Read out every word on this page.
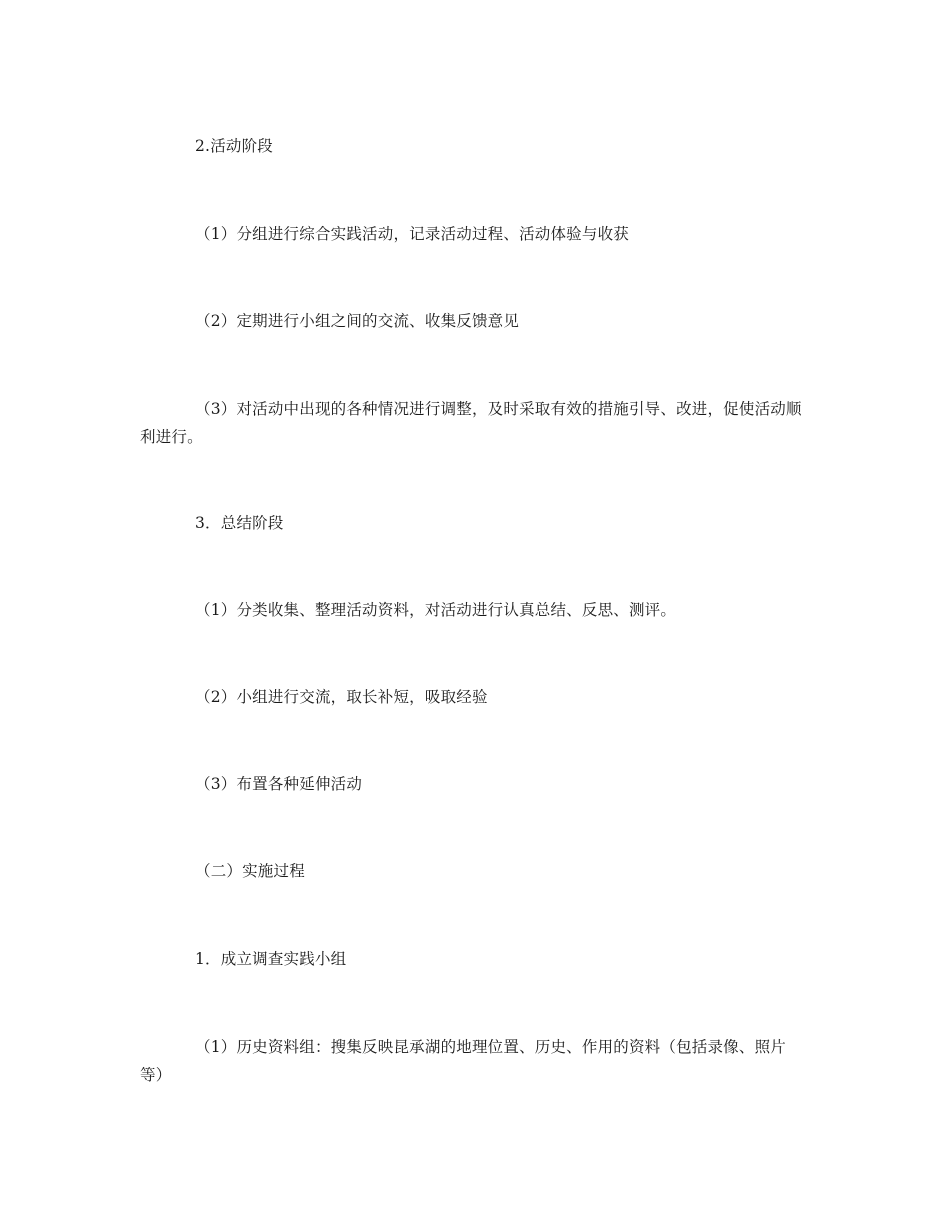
2.活动阶段

（1）分组进行综合实践活动，记录活动过程、活动体验与收获

（2）定期进行小组之间的交流、收集反馈意见

（3）对活动中出现的各种情况进行调整，及时采取有效的措施引导、改进，促使活动顺利进行。

3．总结阶段

（1）分类收集、整理活动资料，对活动进行认真总结、反思、测评。

（2）小组进行交流，取长补短，吸取经验

（3）布置各种延伸活动

（二）实施过程

1．成立调查实践小组

（1）历史资料组：搜集反映昆承湖的地理位置、历史、作用的资料（包括录像、照片等）
